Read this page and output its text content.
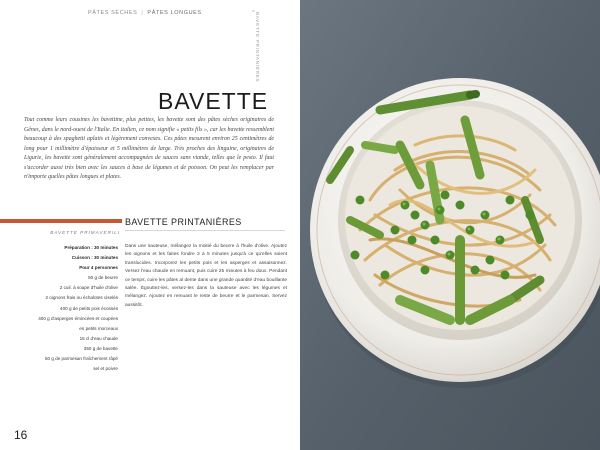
PÂTES SÈCHES | PÂTES LONGUES	◦
BAVETTE PRINTANIÈRES
BAVETTE

Tout comme leurs cousines les bavettine, plus petites, les bavette sont des pâtes sèches originaires de Gênes, dans le nord-ouest de l'Italie. En italien, ce nom signifie « petits fils », car les bavette ressemblent beaucoup à des spaghetti aplatis et légèrement convexes. Ces pâtes mesurent environ 25 centimètres de long pour 1 millimètre d'épaisseur et 5 millimètres de large. Très proches des linguine, originaires de Ligurie, les bavette sont généralement accompagnées de sauces sans viande, telles que le pesto. Il faut s'accorder aussi très bien avec les sauces à base de légumes et de poisson. On peut les remplacer par n'importe quelles pâtes longues et plates.

BAVETTE PRINTANIÈRES
BAVETTE PRIMAVERILI
Préparation : 30 minutes
Cuisson : 30 minutes
Pour 4 personnes
50 g de beurre
2 cuil. à soupe d'huile d'olive
2 oignons frais ou échalotes ciselés
400 g de petits pois écossés
400 g d'asperges émincées et coupées
en petits morceaux
15 cl d'eau chaude
350 g de bavette
50 g de parmesan fraîchement râpé
sel et poivre

Dans une sauteuse, mélangez la moitié du beurre à l'huile d'olive. Ajoutez les oignons et les faites fondre 3 à 5 minutes jusqu'à ce qu'elles soient translucides. Incorporez les petits pois et les asperges et assaisonnez. Versez l'eau chaude en remuant, puis cuire 25 minutes à feu doux. Pendant ce temps, cuire les pâtes al dente dans une grande quantité d'eau bouillante salée. Égouttez-les, versez-les dans la sauteuse avec les légumes et mélangez. Ajoutez en remuant le reste de beurre et le parmesan. Servez aussitôt.

16
